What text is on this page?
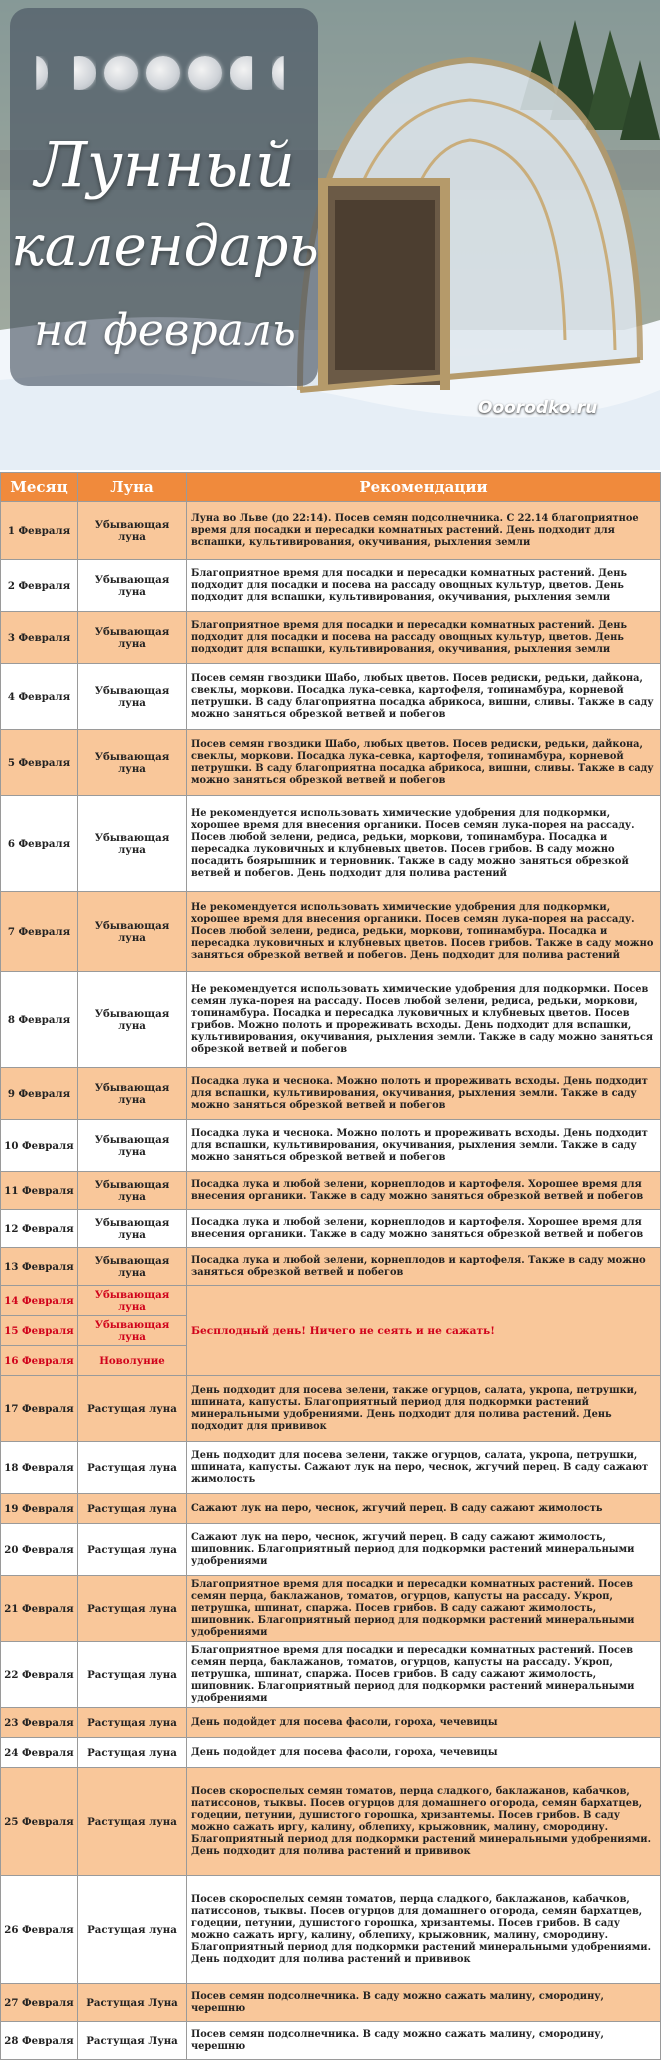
Лунный
календарь
на февраль
Ooorodko.ru
Месяц	Луна	Рекомендации
1 Февраля	Убывающая луна	Луна во Льве (до 22:14). Посев семян подсолнечника. С 22.14 благоприятное время для посадки и пересадки комнатных растений. День подходит для вспашки, культивирования, окучивания, рыхления земли
2 Февраля	Убывающая луна	Благоприятное время для посадки и пересадки комнатных растений. День подходит для посадки и посева на рассаду овощных культур, цветов. День подходит для вспашки, культивирования, окучивания, рыхления земли
3 Февраля	Убывающая луна	Благоприятное время для посадки и пересадки комнатных растений. День подходит для посадки и посева на рассаду овощных культур, цветов. День подходит для вспашки, культивирования, окучивания, рыхления земли
4 Февраля	Убывающая луна	Посев семян гвоздики Шабо, любых цветов. Посев редиски, редьки, дайкона, свеклы, моркови. Посадка лука-севка, картофеля, топинамбура, корневой петрушки. В саду благоприятна посадка абрикоса, вишни, сливы. Также в саду можно заняться обрезкой ветвей и побегов
5 Февраля	Убывающая луна	Посев семян гвоздики Шабо, любых цветов. Посев редиски, редьки, дайкона, свеклы, моркови. Посадка лука-севка, картофеля, топинамбура, корневой петрушки. В саду благоприятна посадка абрикоса, вишни, сливы. Также в саду можно заняться обрезкой ветвей и побегов
6 Февраля	Убывающая луна	Не рекомендуется использовать химические удобрения для подкормки, хорошее время для внесения органики. Посев семян лука-порея на рассаду. Посев любой зелени, редиса, редьки, моркови, топинамбура. Посадка и пересадка луковичных и клубневых цветов. Посев грибов. В саду можно посадить боярышник и терновник. Также в саду можно заняться обрезкой ветвей и побегов. День подходит для полива растений
7 Февраля	Убывающая луна	Не рекомендуется использовать химические удобрения для подкормки, хорошее время для внесения органики. Посев семян лука-порея на рассаду. Посев любой зелени, редиса, редьки, моркови, топинамбура. Посадка и пересадка луковичных и клубневых цветов. Посев грибов. Также в саду можно заняться обрезкой ветвей и побегов. День подходит для полива растений
8 Февраля	Убывающая луна	Не рекомендуется использовать химические удобрения для подкормки. Посев семян лука-порея на рассаду. Посев любой зелени, редиса, редьки, моркови, топинамбура. Посадка и пересадка луковичных и клубневых цветов. Посев грибов. Можно полоть и прореживать всходы. День подходит для вспашки, культивирования, окучивания, рыхления земли. Также в саду можно заняться обрезкой ветвей и побегов
9 Февраля	Убывающая луна	Посадка лука и чеснока. Можно полоть и прореживать всходы. День подходит для вспашки, культивирования, окучивания, рыхления земли. Также в саду можно заняться обрезкой ветвей и побегов
10 Февраля	Убывающая луна	Посадка лука и чеснока. Можно полоть и прореживать всходы. День подходит для вспашки, культивирования, окучивания, рыхления земли. Также в саду можно заняться обрезкой ветвей и побегов
11 Февраля	Убывающая луна	Посадка лука и любой зелени, корнеплодов и картофеля. Хорошее время для внесения органики. Также в саду можно заняться обрезкой ветвей и побегов
12 Февраля	Убывающая луна	Посадка лука и любой зелени, корнеплодов и картофеля. Хорошее время для внесения органики. Также в саду можно заняться обрезкой ветвей и побегов
13 Февраля	Убывающая луна	Посадка лука и любой зелени, корнеплодов и картофеля. Также в саду можно заняться обрезкой ветвей и побегов
14 Февраля	Убывающая луна	Бесплодный день! Ничего не сеять и не сажать!
15 Февраля	Убывающая луна	
16 Февраля	Новолуние	
17 Февраля	Растущая луна	День подходит для посева зелени, также огурцов, салата, укропа, петрушки, шпината, капусты. Благоприятный период для подкормки растений минеральными удобрениями. День подходит для полива растений. День подходит для прививок
18 Февраля	Растущая луна	День подходит для посева зелени, также огурцов, салата, укропа, петрушки, шпината, капусты. Сажают лук на перо, чеснок, жгучий перец. В саду сажают жимолость
19 Февраля	Растущая луна	Сажают лук на перо, чеснок, жгучий перец. В саду сажают жимолость
20 Февраля	Растущая луна	Сажают лук на перо, чеснок, жгучий перец. В саду сажают жимолость, шиповник. Благоприятный период для подкормки растений минеральными удобрениями
21 Февраля	Растущая луна	Благоприятное время для посадки и пересадки комнатных растений. Посев семян перца, баклажанов, томатов, огурцов, капусты на рассаду. Укроп, петрушка, шпинат, спаржа. Посев грибов. В саду сажают жимолость, шиповник. Благоприятный период для подкормки растений минеральными удобрениями
22 Февраля	Растущая луна	Благоприятное время для посадки и пересадки комнатных растений. Посев семян перца, баклажанов, томатов, огурцов, капусты на рассаду. Укроп, петрушка, шпинат, спаржа. Посев грибов. В саду сажают жимолость, шиповник. Благоприятный период для подкормки растений минеральными удобрениями
23 Февраля	Растущая луна	День подойдет для посева фасоли, гороха, чечевицы
24 Февраля	Растущая луна	День подойдет для посева фасоли, гороха, чечевицы
25 Февраля	Растущая луна	Посев скороспелых семян томатов, перца сладкого, баклажанов, кабачков, патиссонов, тыквы. Посев огурцов для домашнего огорода, семян бархатцев, годеции, петунии, душистого горошка, хризантемы. Посев грибов. В саду можно сажать иргу, калину, облепиху, крыжовник, малину, смородину. Благоприятный период для подкормки растений минеральными удобрениями. День подходит для полива растений и прививок
26 Февраля	Растущая луна	Посев скороспелых семян томатов, перца сладкого, баклажанов, кабачков, патиссонов, тыквы. Посев огурцов для домашнего огорода, семян бархатцев, годеции, петунии, душистого горошка, хризантемы. Посев грибов. В саду можно сажать иргу, калину, облепиху, крыжовник, малину, смородину. Благоприятный период для подкормки растений минеральными удобрениями. День подходит для полива растений и прививок
27 Февраля	Растущая Луна	Посев семян подсолнечника. В саду можно сажать малину, смородину, черешню
28 Февраля	Растущая Луна	Посев семян подсолнечника. В саду можно сажать малину, смородину, черешню
